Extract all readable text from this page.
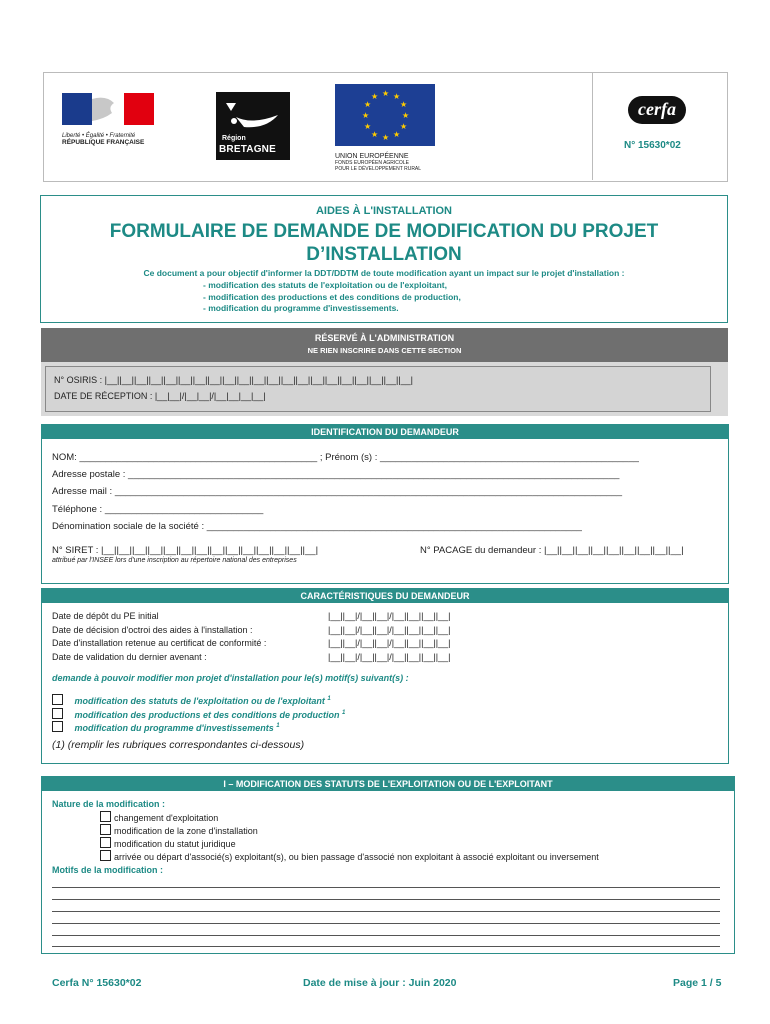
Liberté • Égalité • Fraternité
RÉPUBLIQUE FRANÇAISE
Région
BRETAGNE
★ ★
★
★
★
★
★
★
★
★
★
★
UNION EUROPÉENNE
FONDS EUROPÉEN AGRICOLE
POUR LE DÉVELOPPEMENT RURAL
cerfa
N° 15630*02
AIDES À L'INSTALLATION
FORMULAIRE DE DEMANDE DE MODIFICATION DU PROJET
D’INSTALLATION
Ce document a pour objectif d'informer la DDT/DDTM de toute modification ayant un impact sur le projet d'installation :
- modification des statuts de l'exploitation ou de l'exploitant,
- modification des productions et des conditions de production,
- modification du programme d'investissements.
RÉSERVÉ À L'ADMINISTRATION
NE RIEN INSCRIRE DANS CETTE SECTION
N° OSIRIS : |__||__||__||__||__||__||__||__||__||__||__||__||__||__||__||__||__||__||__||__||__|
DATE DE RÉCEPTION : |__|__|/|__|__|/|__|__|__|__|
IDENTIFICATION DU DEMANDEUR
NOM: _____________________________________________ ; Prénom (s) : _________________________________________________
Adresse postale : _____________________________________________________________________________________________
Adresse mail : ________________________________________________________________________________________________
Téléphone : ______________________________
Dénomination sociale de la société : _______________________________________________________________________
N° SIRET : |__||__||__||__||__||__||__||__||__||__||__||__||__||__|
attribué par l'INSEE lors d'une inscription au répertoire national des entreprises
N° PACAGE du demandeur : |__||__||__||__||__||__||__||__||__|
CARACTÉRISTIQUES DU DEMANDEUR
Date de dépôt du PE initial	|__||__|/|__||__|/|__||__||__||__|
Date de décision d'octroi des aides à l'installation :	|__||__|/|__||__|/|__||__||__||__|
Date d'installation retenue au certificat de conformité :	|__||__|/|__||__|/|__||__||__||__|
Date de validation du dernier avenant :	|__||__|/|__||__|/|__||__||__||__|
demande à pouvoir modifier mon projet d'installation pour le(s) motif(s) suivant(s) :
modification des statuts de l'exploitation ou de l'exploitant $^1$
modification des productions et des conditions de production $^1$
modification du programme d'investissements $^1$
(1) (remplir les rubriques correspondantes ci-dessous)
I – MODIFICATION DES STATUTS DE L'EXPLOITATION OU DE L'EXPLOITANT
Nature de la modification :
changement d'exploitation
modification de la zone d'installation
modification du statut juridique
arrivée ou départ d'associé(s) exploitant(s), ou bien passage d'associé non exploitant à associé exploitant ou inversement
Motifs de la modification :
Cerfa N° 15630*02	Date de mise à jour : Juin 2020	Page 1 / 5
